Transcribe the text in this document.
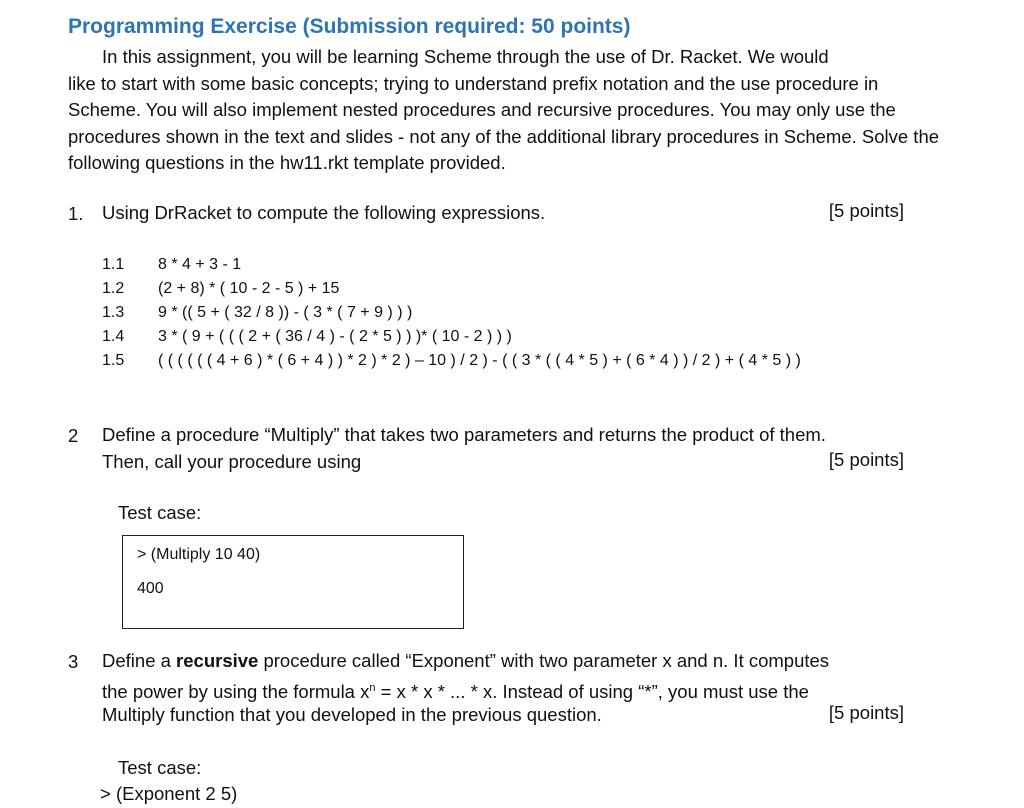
Programming Exercise (Submission required: 50 points)
In this assignment, you will be learning Scheme through the use of Dr. Racket. We would
like to start with some basic concepts; trying to understand prefix notation and the use procedure in Scheme. You will also implement nested procedures and recursive procedures. You may only use the procedures shown in the text and slides - not any of the additional library procedures in Scheme. Solve the following questions in the hw11.rkt template provided.
1. Using DrRacket to compute the following expressions.	[5 points]
1.1 8 * 4 + 3 - 1
1.2 (2 + 8) * ( 10 - 2 - 5 ) + 15
1.3 9 * (( 5 + ( 32 / 8 )) - ( 3 * ( 7 + 9 ) ) )
1.4 3 * ( 9 + ( ( ( 2 + ( 36 / 4 ) - ( 2 * 5 ) ) )* ( 10 - 2 ) ) )
1.5 ( ( ( ( ( ( 4 + 6 ) * ( 6 + 4 ) ) * 2 ) * 2 ) – 10 ) / 2 ) - ( ( 3 * ( ( 4 * 5 ) + ( 6 * 4 ) ) / 2 ) + ( 4 * 5 ) )
2 Define a procedure “Multiply” that takes two parameters and returns the product of them.
Then, call your procedure using	[5 points]
Test case:
> (Multiply 10 40)
400
3 Define a recursive procedure called “Exponent” with two parameter x and n. It computes
the power by using the formula $x^n = x * x$ * ... * x. Instead of using “*”, you must use the
Multiply function that you developed in the previous question.	[5 points]
Test case:
> (Exponent 2 5)
